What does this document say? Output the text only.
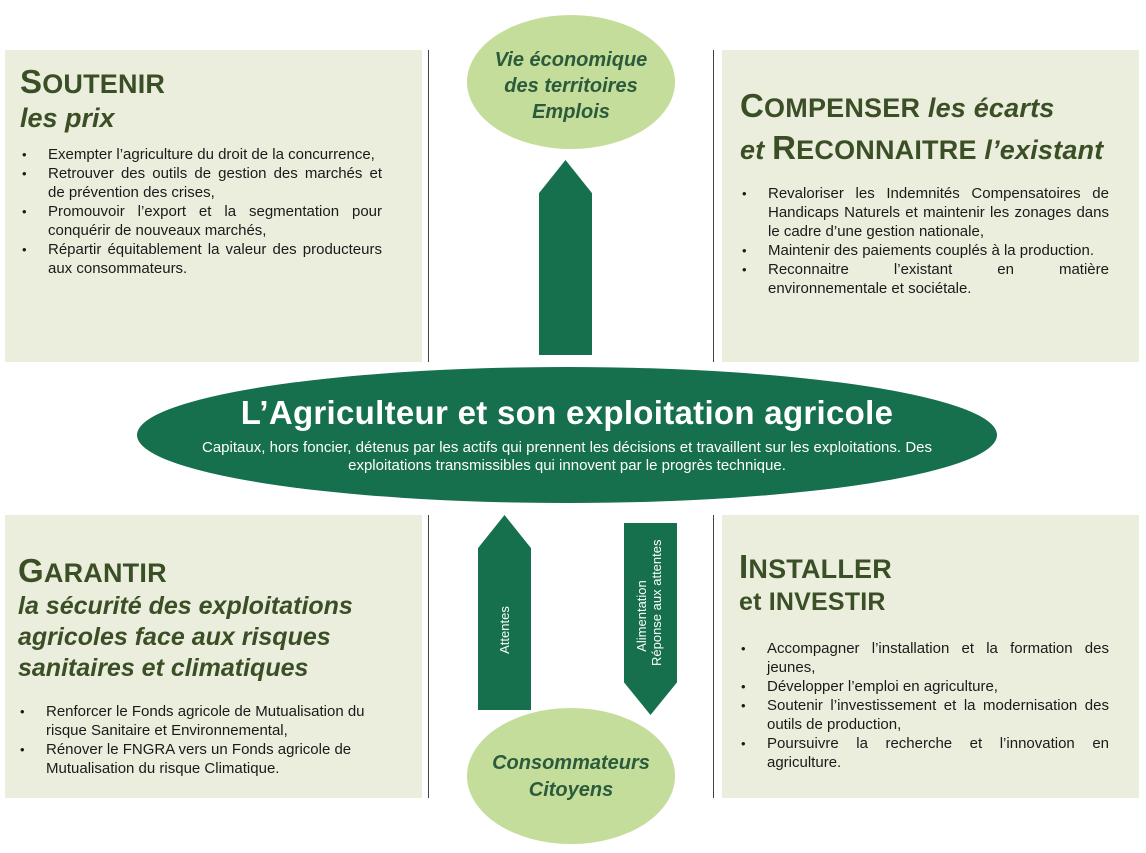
SOUTENIR
les prix
• Exempter l’agriculture du droit de la concurrence,
• Retrouver des outils de gestion des marchés et de prévention des crises,
• Promouvoir l’export et la segmentation pour conquérir de nouveaux marchés,
• Répartir équitablement la valeur des producteurs aux consommateurs.
COMPENSER les écarts
et RECONNAITRE l’existant
• Revaloriser les Indemnités Compensatoires de Handicaps Naturels et maintenir les zonages dans le cadre d’une gestion nationale,
• Maintenir des paiements couplés à la production.
• Reconnaitre l’existant en matière environnementale et sociétale.
GARANTIR
la sécurité des exploitations agricoles face aux risques sanitaires et climatiques
• Renforcer le Fonds agricole de Mutualisation du risque Sanitaire et Environnemental,
• Rénover le FNGRA vers un Fonds agricole de Mutualisation du risque Climatique.
INSTALLER
et INVESTIR
• Accompagner l’installation et la formation des jeunes,
• Développer l’emploi en agriculture,
• Soutenir l’investissement et la modernisation des outils de production,
• Poursuivre la recherche et l’innovation en agriculture.
Attentes	Alimentation Réponse aux attentes
Vie économique
des territoires
Emplois
L’Agriculteur et son exploitation agricole
Capitaux, hors foncier, détenus par les actifs qui prennent les décisions et travaillent sur les exploitations. Des exploitations transmissibles qui innovent par le progrès technique.
Consommateurs
Citoyens
